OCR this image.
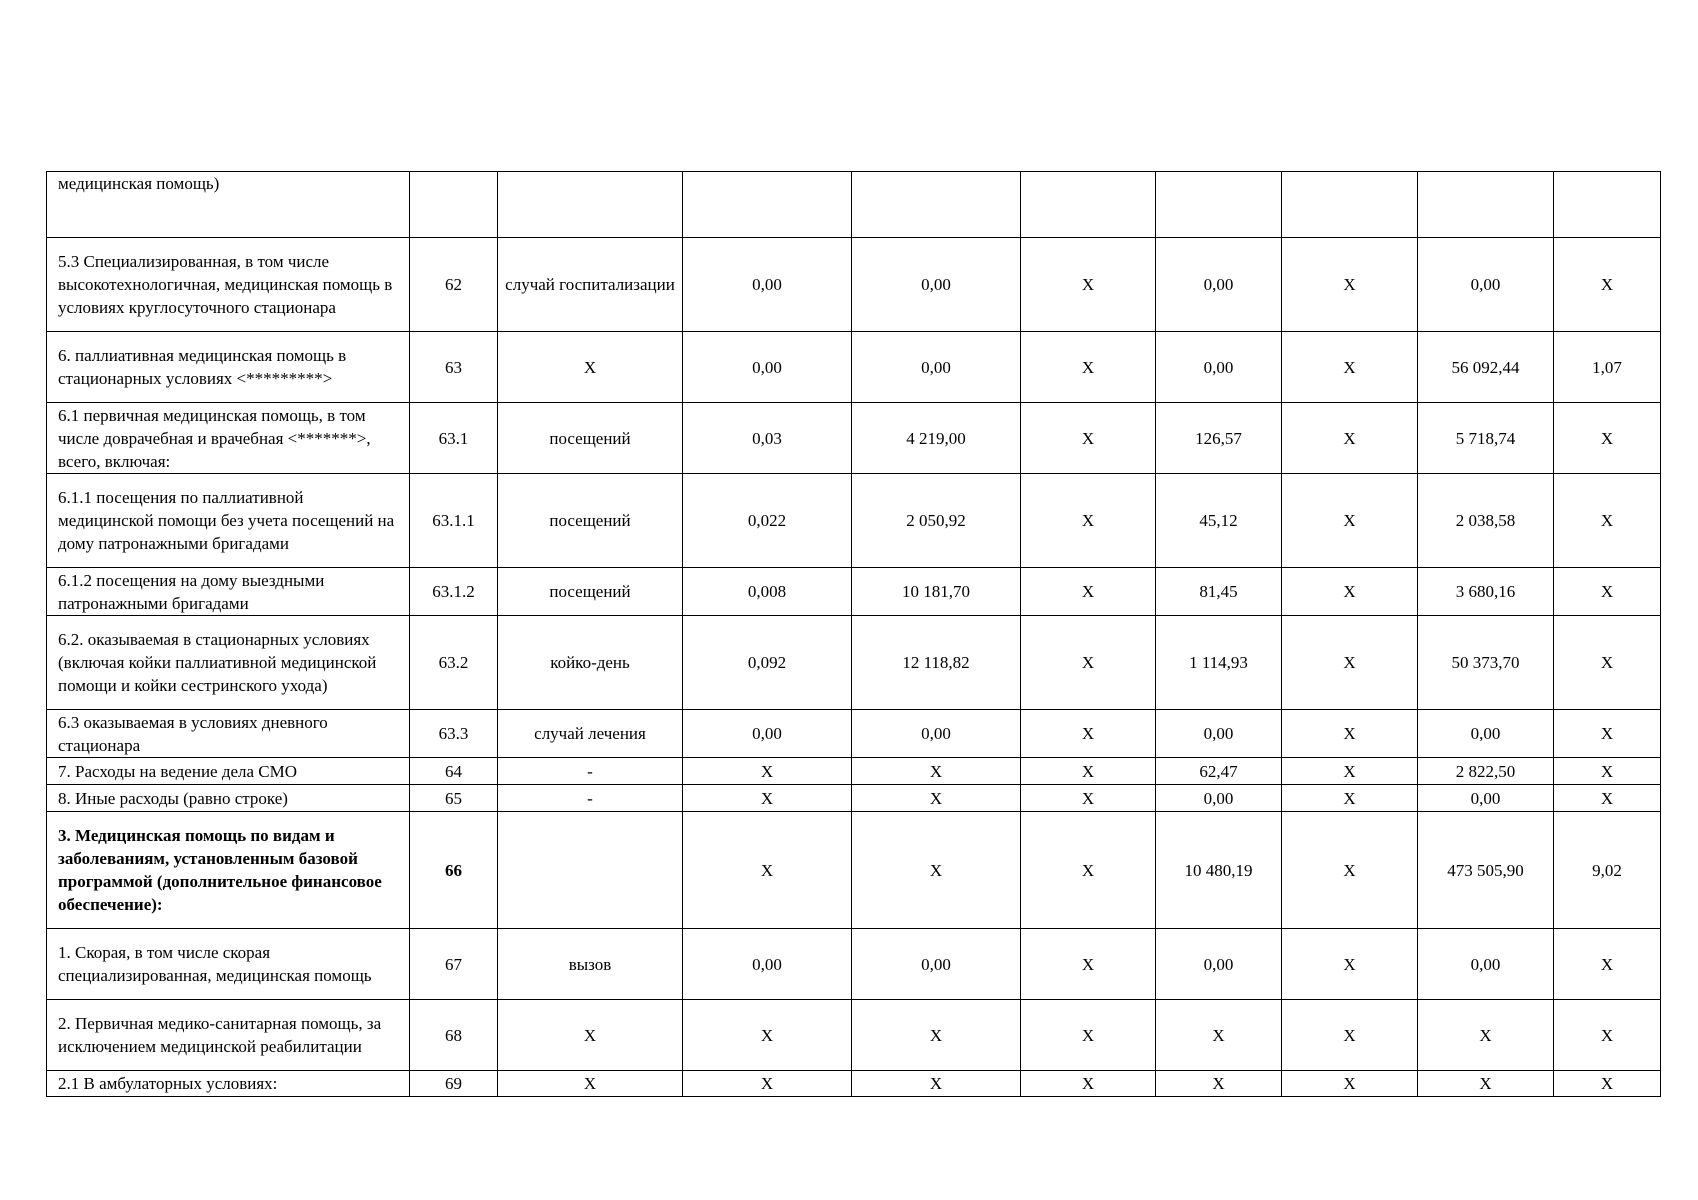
медицинская помощь)									
5.3 Специализированная, в том числе высокотехнологичная, медицинская помощь в условиях круглосуточного стационара	62	случай госпитализации	0,00	0,00	X	0,00	X	0,00	X
6. паллиативная медицинская помощь в стационарных условиях <*********>	63	X	0,00	0,00	X	0,00	X	56 092,44	1,07
6.1 первичная медицинская помощь, в том числе доврачебная и врачебная <*******>, всего, включая:	63.1	посещений	0,03	4 219,00	X	126,57	X	5 718,74	X
6.1.1 посещения по паллиативной медицинской помощи без учета посещений на дому патронажными бригадами	63.1.1	посещений	0,022	2 050,92	X	45,12	X	2 038,58	X
6.1.2 посещения на дому выездными патронажными бригадами	63.1.2	посещений	0,008	10 181,70	X	81,45	X	3 680,16	X
6.2. оказываемая в стационарных условиях (включая койки паллиативной медицинской помощи и койки сестринского ухода)	63.2	койко-день	0,092	12 118,82	X	1 114,93	X	50 373,70	X
6.3 оказываемая в условиях дневного стационара	63.3	случай лечения	0,00	0,00	X	0,00	X	0,00	X
7. Расходы на ведение дела СМО	64	-	X	X	X	62,47	X	2 822,50	X
8. Иные расходы (равно строке)	65	-	X	X	X	0,00	X	0,00	X
3. Медицинская помощь по видам и заболеваниям, установленным базовой программой (дополнительное финансовое обеспечение):	66		X	X	X	10 480,19	X	473 505,90	9,02
1. Скорая, в том числе скорая специализированная, медицинская помощь	67	вызов	0,00	0,00	X	0,00	X	0,00	X
2. Первичная медико-санитарная помощь, за исключением медицинской реабилитации	68	X	X	X	X	X	X	X	X
2.1 В амбулаторных условиях:	69	X	X	X	X	X	X	X	X
